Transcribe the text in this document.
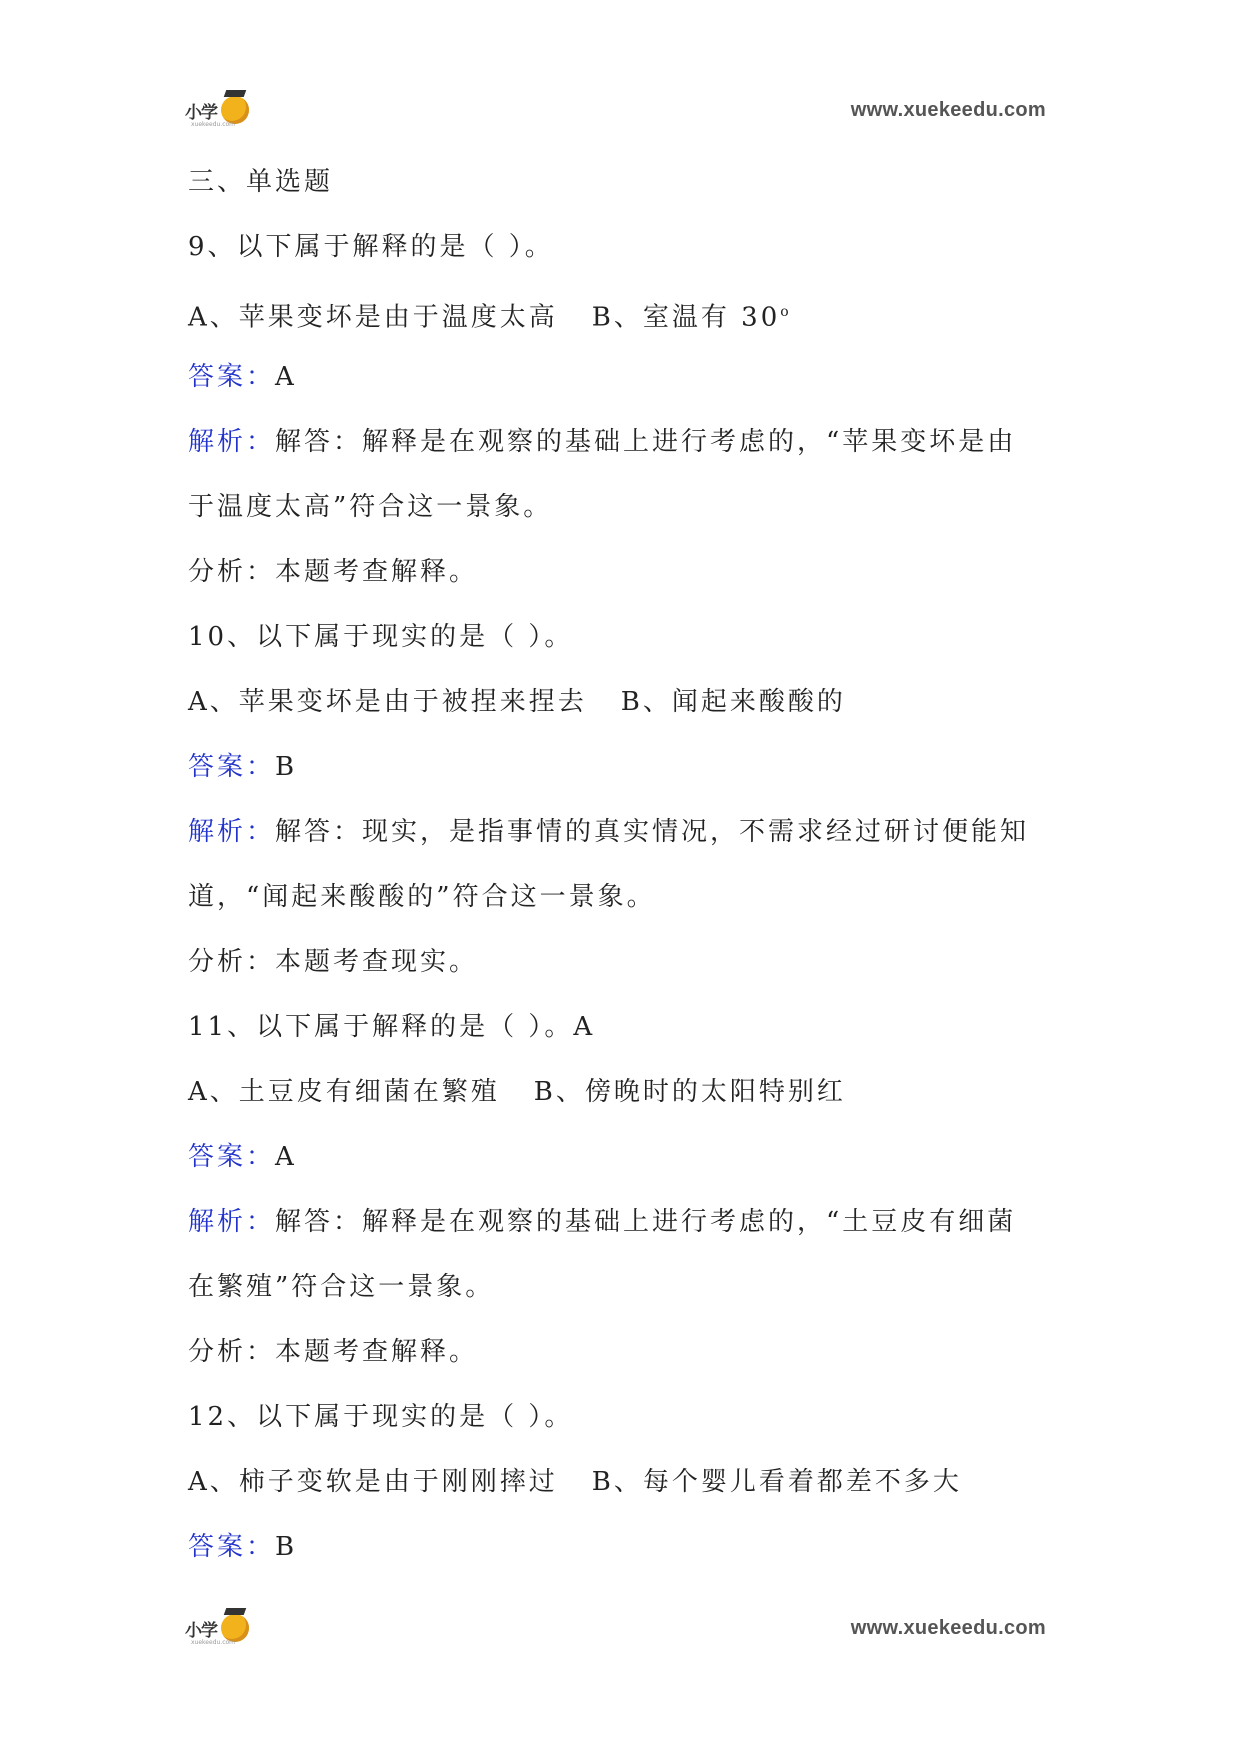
小学
xuekeedu.com
www.xuekeedu.com
三、单选题
9、以下属于解释的是（ ）。
A、苹果变坏是由于温度太高 B、室温有 30$^o$
答案：A
解析：解答：解释是在观察的基础上进行考虑的，“苹果变坏是由
于温度太高”符合这一景象。
分析：本题考查解释。
10、以下属于现实的是（ ）。
A、苹果变坏是由于被捏来捏去 B、闻起来酸酸的
答案：B
解析：解答：现实，是指事情的真实情况，不需求经过研讨便能知
道，“闻起来酸酸的”符合这一景象。
分析：本题考查现实。
11、以下属于解释的是（ ）。A
A、土豆皮有细菌在繁殖 B、傍晚时的太阳特别红
答案：A
解析：解答：解释是在观察的基础上进行考虑的，“土豆皮有细菌
在繁殖”符合这一景象。
分析：本题考查解释。
12、以下属于现实的是（ ）。
A、柿子变软是由于刚刚摔过 B、每个婴儿看着都差不多大
答案：B
小学
xuekeedu.com
www.xuekeedu.com
